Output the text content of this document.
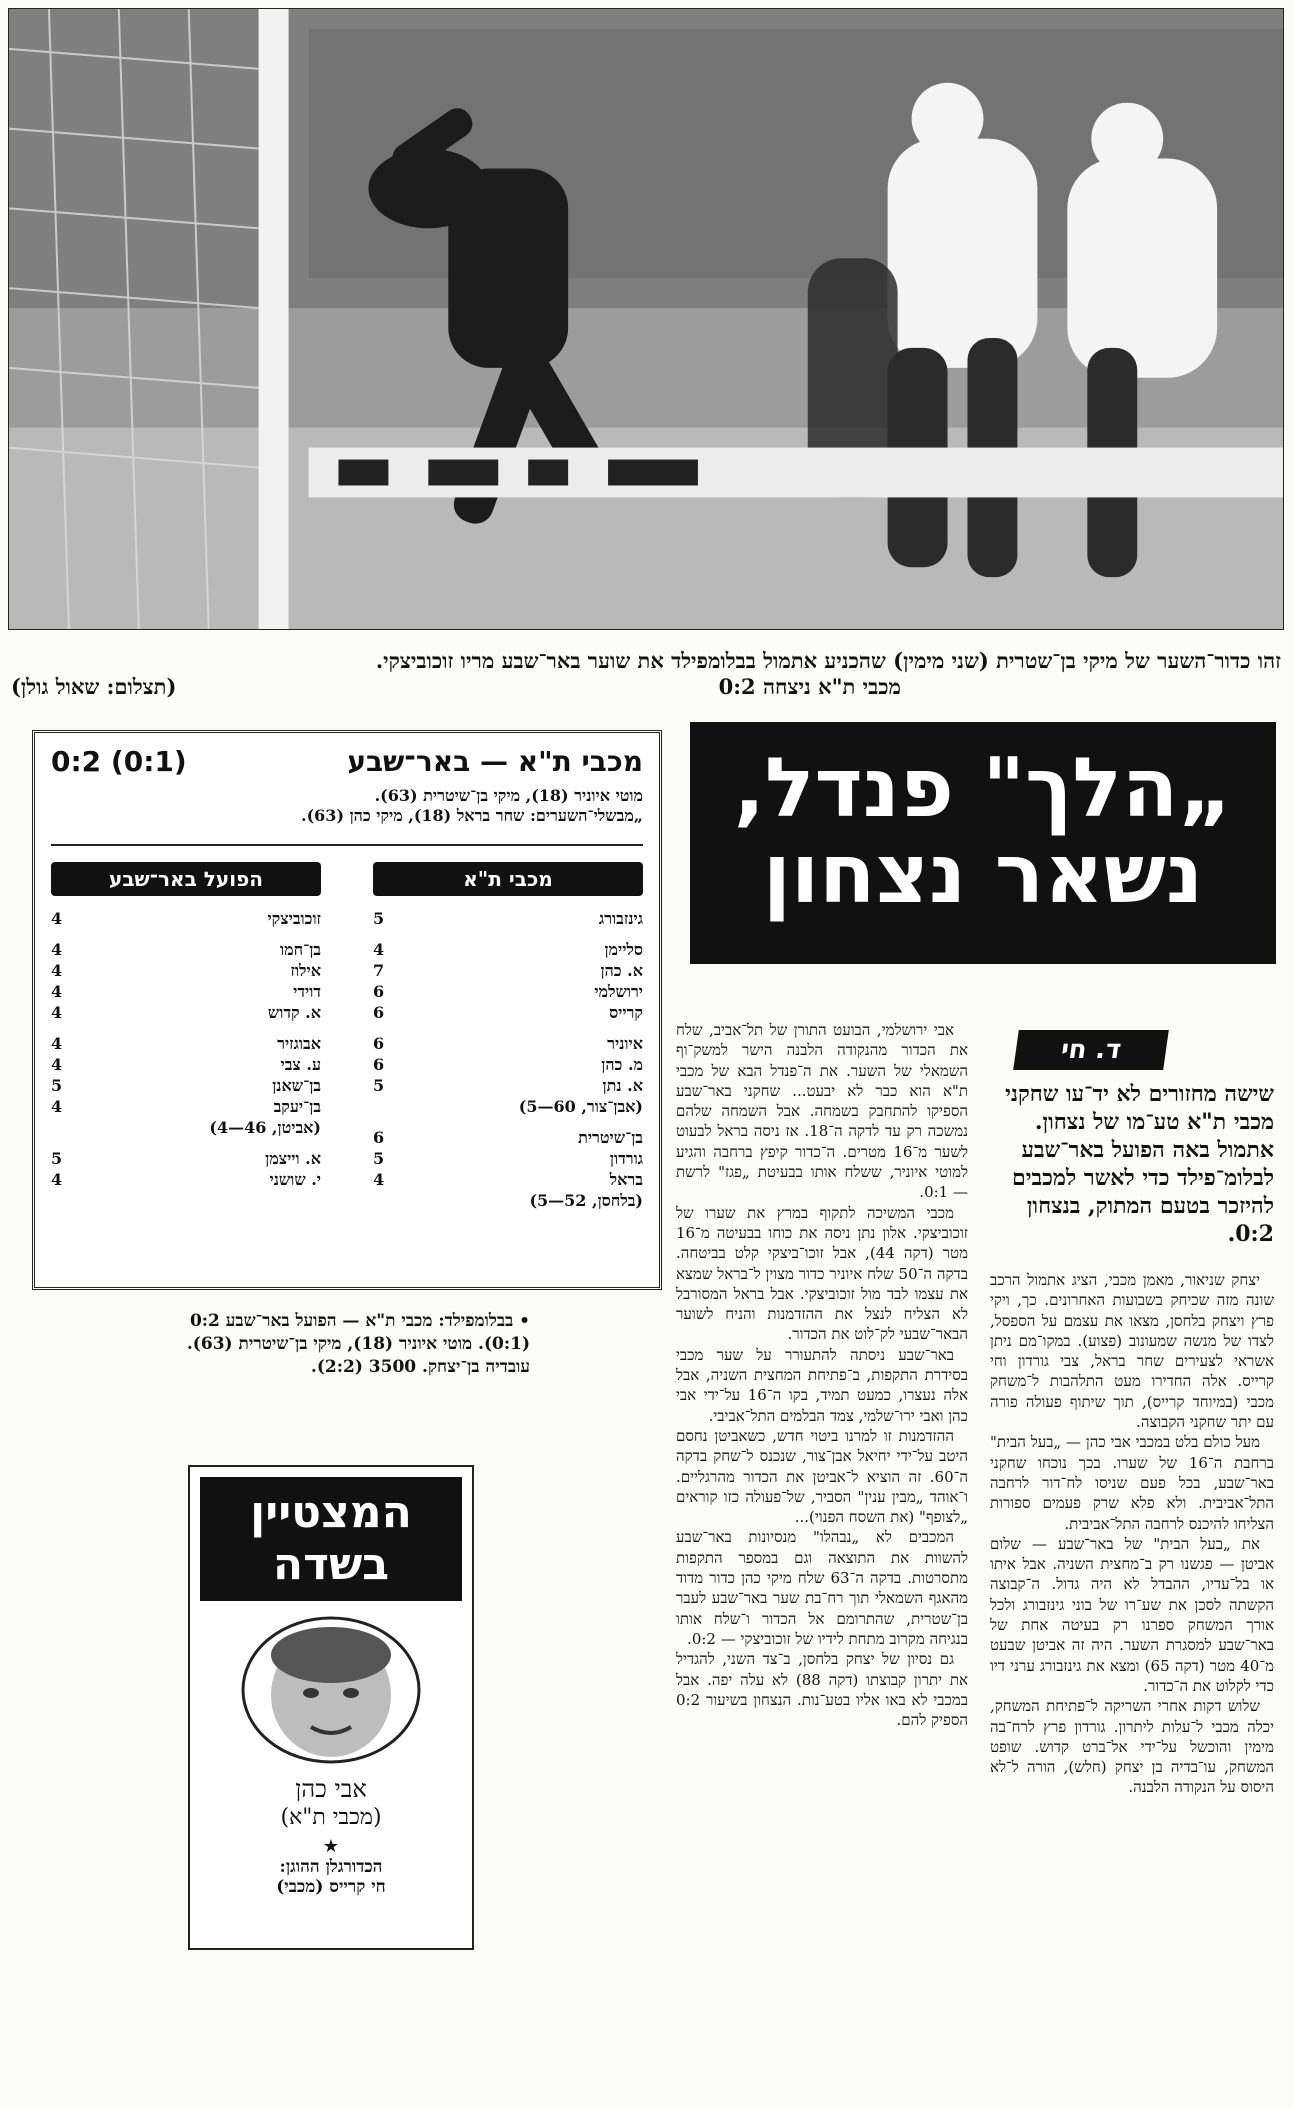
זהו כדור־השער של מיקי בן־שטרית (שני מימין) שהכניע אתמול בבלומפילד את שוער באר־שבע מריו זוכוביצקי.
מכבי ת"א ניצחה 0:2
(תצלום: שאול גולן)
„הלך" פנדל,
נשאר נצחון
ד. חי
שישה מחזורים לא יד־עו שחקני מכבי ת"א טע־מו של נצחון. אתמול באה הפועל באר־שבע לבלומ־פילד כדי לאשר למכבים להיזכר בטעם המתוק, בנצחון 0:2.

יצחק שניאור, מאמן מכבי, הציג אתמול הרכב שונה מזה שכיחק בשבועות האחרונים. כך, ויקי פרץ ויצחק בלחסן, מצאו את עצמם על הספסל, לצדו של מנשה שמעונוב (פצוע). במקו־מם ניתן אשראי לצעירים שחר בראל, צבי גורדון וחי קרייס. אלה החדירו מעט התלהבות ל־משחק מכבי (במיוחד קרייס), תוך שיתוף פעולה פורה עם יתר שחקני הקבוצה.

מעל כולם בלט במכבי אבי כהן — „בעל הבית" ברחבת ה־16 של שערו. בכך נוכחו שחקני באר־שבע, בכל פעם שניסו לח־דור לרחבה התל־אביבית. ולא פלא שרק פעמים ספורות הצליחו להיכנס לרחבה התל־אביבית.

את „בעל הבית" של באר־שבע — שלום אביטן — פגשנו רק ב־מחצית השניה. אבל איתו או בל־עדיו, ההבדל לא היה גדול. ה־קבוצה הקשתה לסכן את שע־רו של בוני גינזבורג ולכל אורך המשחק ספרנו רק בעיטה אחת של באר־שבע למסגרת השער. היה זה אביטן שבעט מ־40 מטר (דקה 65) ומצא את גינזבורג ערני דיו כדי לקלוט את ה־כדור.

שלוש דקות אחרי השריקה ל־פתיחת המשחק, יכלה מכבי ל־עלות ליתרון. גורדון פרץ לרח־בה מימין והוכשל על־ידי אל־ברט קדוש. שופט המשחק, עו־בדיה בן יצחק (חלש), הורה ל־לא היסוס על הנקודה הלבנה.

אבי ירושלמי, הבועט התורן של תל־אביב, שלח את הכדור מהנקודה הלבנה הישר למשק־וף השמאלי של השער. את ה־פנדל הבא של מכבי ת"א הוא כבר לא יבעט... שחקני באר־שבע הספיקו להתחבק בשמחה. אבל השמחה שלהם נמשכה רק עד לדקה ה־18. אז ניסה בראל לבעוט לשער מ־16 מטרים. ה־כדור קיפץ ברחבה והגיע למוטי איוניר, ששלח אותו בבעיטת „פגז" לרשת — 0:1.

מכבי המשיכה לתקוף במרץ את שערו של זוכוביצקי. אלון נתן ניסה את כוחו בבעיטה מ־16 מטר (דקה 44), אבל זוכו־ביצקי קלט בביטחה. בדקה ה־50 שלח איוניר כדור מצוין ל־בראל שמצא את עצמו לבד מול זוכוביצקי. אבל בראל המסורבל לא הצליח לנצל את ההזדמנות והניח לשוער הבאר־שבעי לק־לוט את הכדור.

באר־שבע ניסתה להתעורר על שער מכבי בסידרת התקפות, ב־פתיחת המחצית השניה, אבל אלה נעצרו, כמעט תמיד, בקו ה־16 על־ידי אבי כהן ואבי ירו־שלמי, צמד הבלמים התל־אביבי.

ההזדמנות זו למרנו ביטוי חדש, כשאביטן נחסם היטב על־ידי יחיאל אבן־צור, שנכנס ל־שחק בדקה ה־60. זה הוציא ל־אביטן את הכדור מהרגליים. ו־אוהד „מבין ענין" הסביר, של־פעולה כזו קוראים „לצופף" (את השסח הפנוי)...

המכבים לא „נבהלו" מנסיונות באר־שבע להשוות את התוצאה וגם במספר התקפות מתסרטות. בדקה ה־63 שלח מיקי כהן כדור מדוד מהאגף השמאלי תוך רח־בת שער באר־שבע לעבר בן־שטרית, שהתרומם אל הכדור ו־שלח אותו בנגיחה מקרוב מתחת לידיו של זוכוביצקי — 0:2.

גם נסיון של יצחק בלחסן, ב־צד השני, להגדיל את יתרון קבוצתו (דקה 88) לא עלה יפה. אבל במכבי לא באו אליו בטע־נות. הנצחון בשיעור 0:2 הספיק להם.

מכבי ת"א — באר־שבע
0:2 (0:1)
מוטי איוניר (18), מיקי בן־שיטרית (63).
„מבשלי־השערים: שחר בראל (18), מיקי כהן (63).
מכבי ת"א
גינזבורג
5
סליימן
4
א. כהן
7
ירושלמי
6
קרייס
6
איוניר
6
מ. כהן
6
א. נתן
5
(אבן־צור, 60—5)
בן־שיטרית
6
גורדון
5
בראל
4
(בלחסן, 52—5)
הפועל באר־שבע
זוכוביצקי
4
בן־חמו
4
אילוז
4
דוידי
4
א. קדוש
4
אבוגזיר
4
ע. צבי
4
בן־שאנן
5
בן־יעקב
4
(אביטן, 46—4)
א. וייצמן
5
י. שושני
4
• בבלומפילד: מכבי ת"א — הפועל באר־שבע 0:2 (0:1). מוטי איוניר (18), מיקי בן־שיטרית (63). עובדיה בן־יצחק. 3500 (2:2).
המצטיין
בשדה
אבי כהן
(מכבי ת"א)
★
הכדורגלן ההוגן:
חי קרייס (מכבי)
